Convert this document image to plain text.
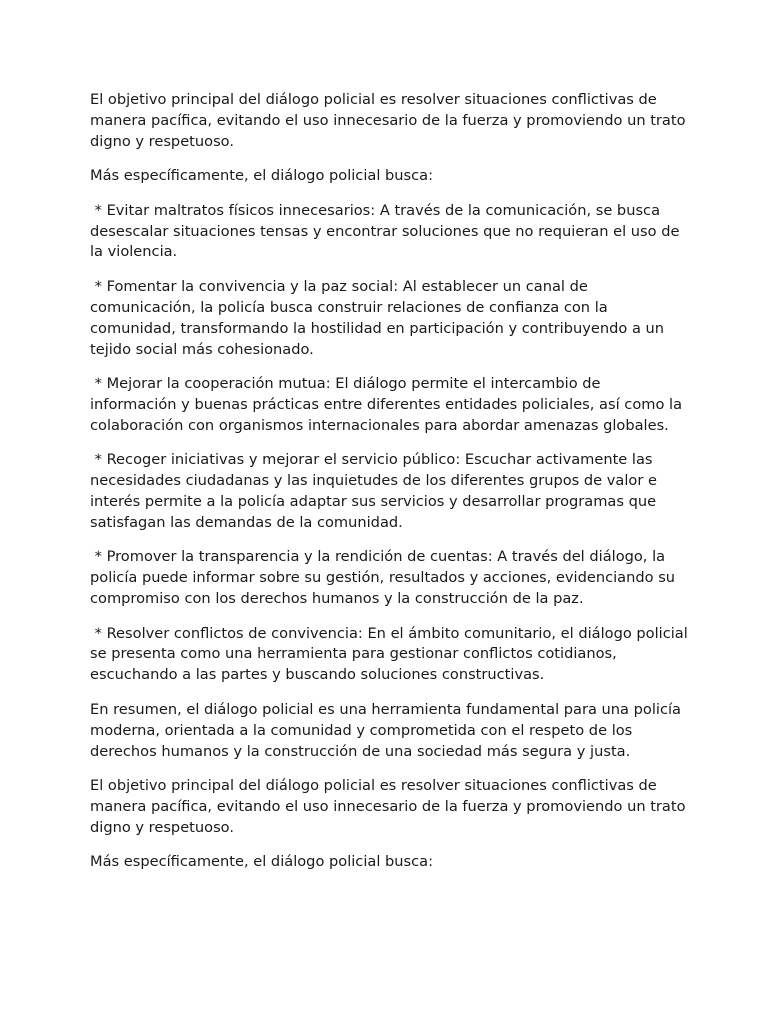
El objetivo principal del diálogo policial es resolver situaciones conflictivas de manera pacífica, evitando el uso innecesario de la fuerza y promoviendo un trato digno y respetuoso.

Más específicamente, el diálogo policial busca:

* Evitar maltratos físicos innecesarios: A través de la comunicación, se busca desescalar situaciones tensas y encontrar soluciones que no requieran el uso de la violencia.

* Fomentar la convivencia y la paz social: Al establecer un canal de comunicación, la policía busca construir relaciones de confianza con la comunidad, transformando la hostilidad en participación y contribuyendo a un tejido social más cohesionado.

* Mejorar la cooperación mutua: El diálogo permite el intercambio de información y buenas prácticas entre diferentes entidades policiales, así como la colaboración con organismos internacionales para abordar amenazas globales.

* Recoger iniciativas y mejorar el servicio público: Escuchar activamente las necesidades ciudadanas y las inquietudes de los diferentes grupos de valor e interés permite a la policía adaptar sus servicios y desarrollar programas que satisfagan las demandas de la comunidad.

* Promover la transparencia y la rendición de cuentas: A través del diálogo, la policía puede informar sobre su gestión, resultados y acciones, evidenciando su compromiso con los derechos humanos y la construcción de la paz.

* Resolver conflictos de convivencia: En el ámbito comunitario, el diálogo policial se presenta como una herramienta para gestionar conflictos cotidianos, escuchando a las partes y buscando soluciones constructivas.

En resumen, el diálogo policial es una herramienta fundamental para una policía moderna, orientada a la comunidad y comprometida con el respeto de los derechos humanos y la construcción de una sociedad más segura y justa.

El objetivo principal del diálogo policial es resolver situaciones conflictivas de manera pacífica, evitando el uso innecesario de la fuerza y promoviendo un trato digno y respetuoso.

Más específicamente, el diálogo policial busca:
